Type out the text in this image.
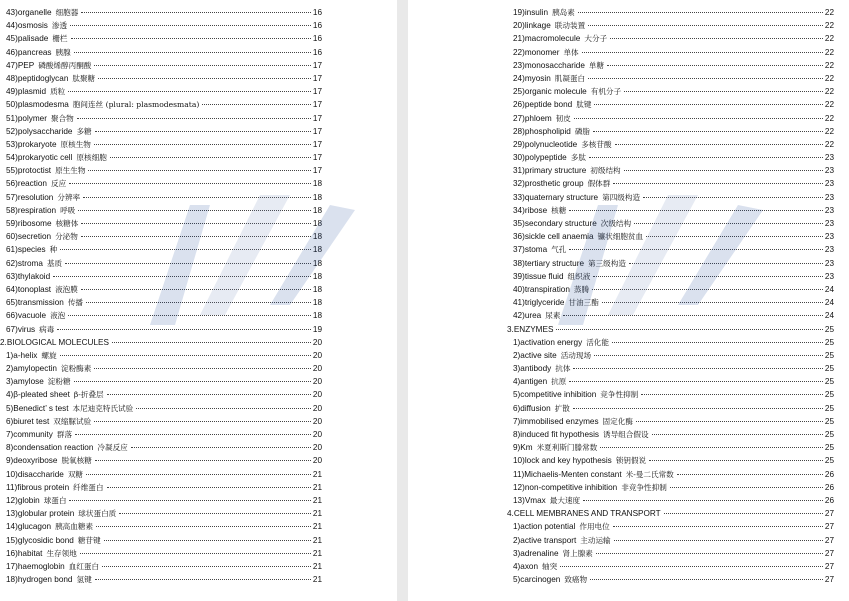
43) organelle 细胞器	16
44) osmosis 渗透	16
45) palisade 栅栏	16
46) pancreas 胰腺	16
47) PEP 磷酸烯醇丙酮酸	17
48) peptidoglycan 肽聚糖	17
49) plasmid 质粒	17
50) plasmodesma 胞间连丝 (plural: plasmodesmata)	17
51) polymer 聚合物	17
52) polysaccharide 多糖	17
53) prokaryote 原核生物	17
54) prokaryotic cell 原核细胞	17
55) protoctist 原生生物	17
56) reaction 反应	18
57) resolution 分辨率	18
58) respiration 呼吸	18
59) ribosome 核糖体	18
60) secretion 分泌物	18
61) species 种	18
62) stroma 基质	18
63) thylakoid	18
64) tonoplast 液泡膜	18
65) transmission 传播	18
66) vacuole 液泡	18
67) virus 病毒	19
2. BIOLOGICAL MOLECULES	20
1) a-helix 螺旋	20
2) amylopectin 淀粉酶素	20
3) amylose 淀粉糖	20
4) β-pleated sheet β-折叠层	20
5) Benedict’ s test 本尼迪克特氏试验	20
6) biuret test 双缩脲试验	20
7) community 群落	20
8) condensation reaction 冷凝反应	20
9) deoxyribose 脱氧核糖	20
10) disaccharide 双糖	21
11) fibrous protein 纤维蛋白	21
12) globin 球蛋白	21
13) globular protein 球状蛋白质	21
14) glucagon 胰高血糖素	21
15) glycosidic bond 糖苷键	21
16) habitat 生存领地	21
17) haemoglobin 血红蛋白	21
18) hydrogen bond 氢键	21
19) insulin 胰岛素	22
20) linkage 联动装置	22
21) macromolecule 大分子	22
22) monomer 单体	22
23) monosaccharide 单糖	22
24) myosin 肌凝蛋白	22
25) organic molecule 有机分子	22
26) peptide bond 肽键	22
27) phloem 韧皮	22
28) phospholipid 磷脂	22
29) polynucleotide 多核苷酸	22
30) polypeptide 多肽	23
31) primary structure 初级结构	23
32) prosthetic group 假体群	23
33) quaternary structure 第四级构造	23
34) ribose 核糖	23
35) secondary structure 次级结构	23
36) sickle cell anaemia 镰状细胞贫血	23
37) stoma 气孔	23
38) tertiary structure 第三级构造	23
39) tissue fluid 组织液	23
40) transpiration 蒸腾	24
41) triglyceride 甘油三酯	24
42) urea 尿素	24
3. ENZYMES	25
1) activation energy 活化能	25
2) active site 活动现场	25
3) antibody 抗体	25
4) antigen 抗原	25
5) competitive inhibition 竞争性抑制	25
6) diffusion 扩散	25
7) immobilised enzymes 固定化酶	25
8) induced fit hypothesis 诱导组合假设	25
9) Km 米夏利斯门滕常数	25
10) lock and key hypothesis 锁钥假说	25
11) Michaelis-Menten constant 米-曼二氏常数	26
12) non-competitive inhibition 非竞争性抑制	26
13) Vmax 最大速度	26
4. CELL MEMBRANES AND TRANSPORT	27
1) action potential 作用电位	27
2) active transport 主动运输	27
3) adrenaline 肾上腺素	27
4) axon 轴突	27
5) carcinogen 致癌物	27
